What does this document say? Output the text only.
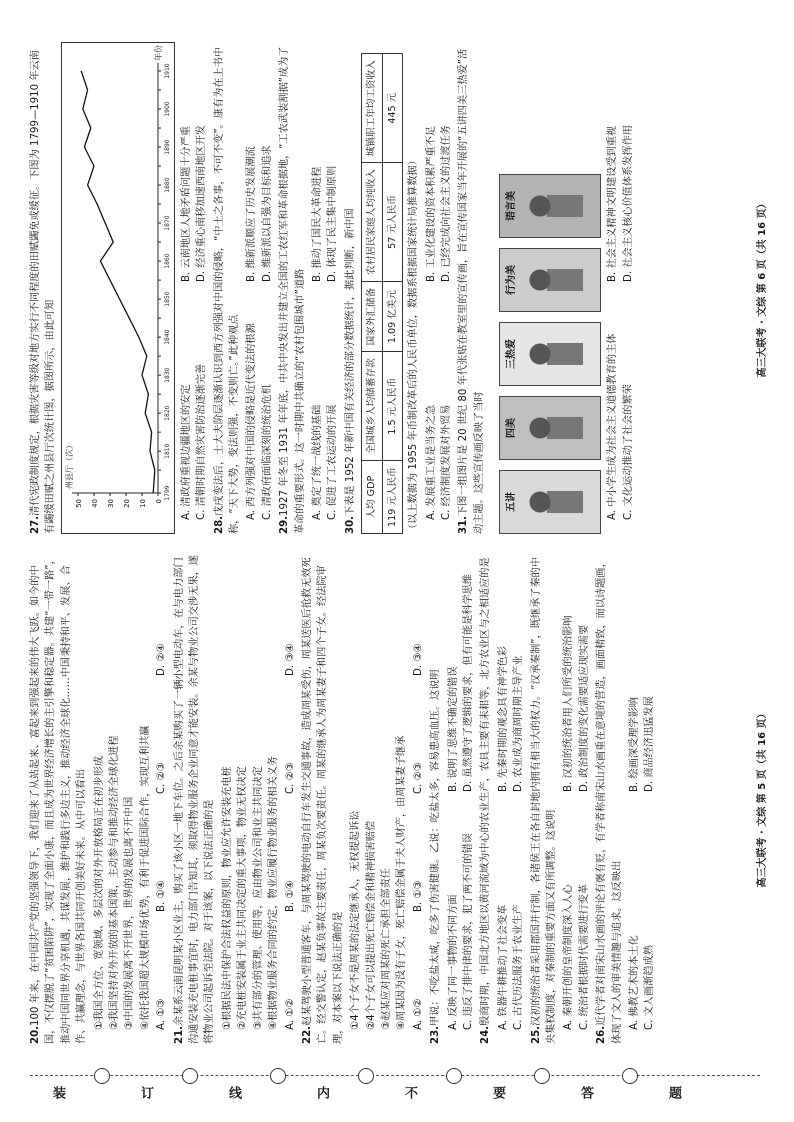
装	订	线	内	不	要	答	题
20.100 年来，在中国共产党的坚强领导下，我们迎来了从站起来、富起来到强起来的伟大飞跃。如今的中国，不仅摆脱了“贫困陷阱”，实现了全面小康，而且成为世界经济增长的主引擎和稳定器。共建“一带一路”，推动中国同世界分享机遇，共谋发展，维护和践行多边主义，推动经济全球化……中国秉持和平、发展、合作、共赢理念，与世界各国共同开创美好未来。从中可以看出 ①我国全方位、宽领域、多层次的对外开放格局正在初步形成 ②我国坚持对外开放的基本国策，主动参与和推动经济全球化进程 ③中国的发展离不开世界，世界的发展也离不开中国 ④依托我国超大规模市场优势，有利于促进国际合作，实现互利共赢 A. ①③
B. ①④
C. ②③
D. ②④
21.余某系云南昆明某小区业主，购买了该小区一地下车位。之后余某购买了一辆小型电动车，在与电力部门沟通安装充电桩事宜时，电力部门告知其，须取得物业服务企业同意才能安装。余某与物业公司交涉无果，遂将物业公司起诉至法院。对于该案，以下说法正确的是 ①根据民法中保护合法权益的原则，物业应允许安装充电桩 ②充电桩安装属于业主共同决定的重大事项，物业无权决定 ③共有部分的管理、使用等，应由物业公司和业主共同决定 ④根据物业服务合同的约定，物业应履行物业服务的相关义务 A. ①②
B. ①④
C. ②③
D. ③④
22.赵某驾驶小型普通客车，与周某驾驶的电动自行车发生交通事故，造成周某受伤，周某送医后抢救无效死亡。经交警认定，赵某负事故主要责任，周某负次要责任。周某的继承人为周某妻子和四个子女。经法院审理，对本案以下说法正确的是 ①4个子女不是周某的法定继承人，无权提起诉讼 ②4个子女可以提出死亡赔偿金和精神损害赔偿 ③赵某应对周某的死亡承担全部责任 ④周某因为没有子女，死亡赔偿金属于夫人财产，由周某妻子继承 A. ①②
B. ①③
C. ②③
D. ③④
23.甲说：不吃盐太咸，吃多了伤害健康。乙说：吃盐太多，容易患高血压。这说明 A. 反映了同一事物的不同方面
B. 说明了思维不确定的错误
C. 违反了排中律的要求，犯了两不可的错误
D. 虽然遵守了逻辑的要求，但有可能是科学思维
24.殷商时期，中国北方地区以黄河流域为中心的农业生产，农具主要有耒耜等，北方农业区与之相适应的是 A. 铁器牛耕推动了社会变革
B. 先秦时期的观念具有神学色彩
C. 古代历法服务于农业生产
D. 农业成为商周时期主导产业
25.汉初的统治者采用郡国并行制，各诸侯王在各自封地内拥有相当大的权力。“汉承秦制”，既继承了秦的中央集权制度，对秦制的重要方面又有所调整。这说明 A. 秦朝开创的皇帝制度深入人心
B. 汉初的统治者用人们所受的统治影响
C. 统治者根据时代需要进行变革
D. 政治制度的变化需要适应现实需要
26.近代学者对南宋山水画的评论有褒有贬，有学者称南宋山水画重在意境的营造，画面精致，而以诗题画，体现了文人的审美情趣与追求。这反映出 A. 佛教艺术的本土化
B. 绘画深受理学影响
C. 文人画渐趋成熟
D. 商品经济迅猛发展
27.清代宪政制度规定，根据灾害等级对地方实行不同程度的田赋蠲免或缓征。下图为 1799—1910 年云南有蠲缓田赋之州县厅次统计图，据图所示，由此可知	0
10
20
30
40
50
州县厅（次）
年份
1799
1810
1820
1830
1840
1850
1860
1870
1880
1890
1900
1910
A. 清政府重视边疆地区的安定
B. 云南地区人地矛盾问题十分严重
C. 清朝时期自然灾害防治逐渐完善
D. 经济重心南移加速西南地区开发
28.戊戌变法后，士大夫阶层逐渐认识到西方列强对中国的侵略，“中土之各事，不可不变”。康有为在上书中称，“天下大势，变法则强，不变则亡。”此种观点 A. 西方列强对中国的侵略是近代变法的根源
B. 维新派顺应了历史发展潮流
C. 清政府面临深刻的统治危机
D. 维新派以自强为目标和追求
29.1927 年冬至 1931 年年底，中共中央发出并建立全国的工农红军和革命根据地，“工农武装割据”成为了革命的重要形式。这一时期中共确立的“农村包围城市”道路 A. 奠定了统一战线的基础
B. 推动了国民大革命进程
C. 促进了工农运动的开展
D. 体现了民主集中制原则
30.下表是 1952 年新中国有关经济的部分数据统计，据此判断，新中国 人均 GDP	全国城乡人均储蓄存款	国家外汇储备	农村居民家庭人均纯收入	城镇职工年均工资收入
119 元人民币	1.5 元人民币	1.09 亿美元	57 元人民币	445 元
（以上数据为 1955 年币制改革后的人民币单位，数据系根据国家统计局推算数据） A. 发展重工业是当务之急
B. 工业化建设的资本积累严重不足
C. 经济制度发展对外贸易
D. 已经完成向社会主义的过渡任务
31.下图一组图片是 20 世纪 80 年代张贴在教室里的宣传画，旨在宣传国家当年开展的“五讲四美三热爱”活动主题。这些宣传画反映了当时 五讲
四美
三热爱
行为美
语言美
A. 中小学生成为社会主义道德教育的主体
B. 社会主义精神文明建设受到重视
C. 文化运动推动了社会的繁荣
D. 社会主义核心价值体系发挥作用
高三大联考 · 文综 第 5 页（共 16 页）
高三大联考 · 文综 第 6 页（共 16 页）
